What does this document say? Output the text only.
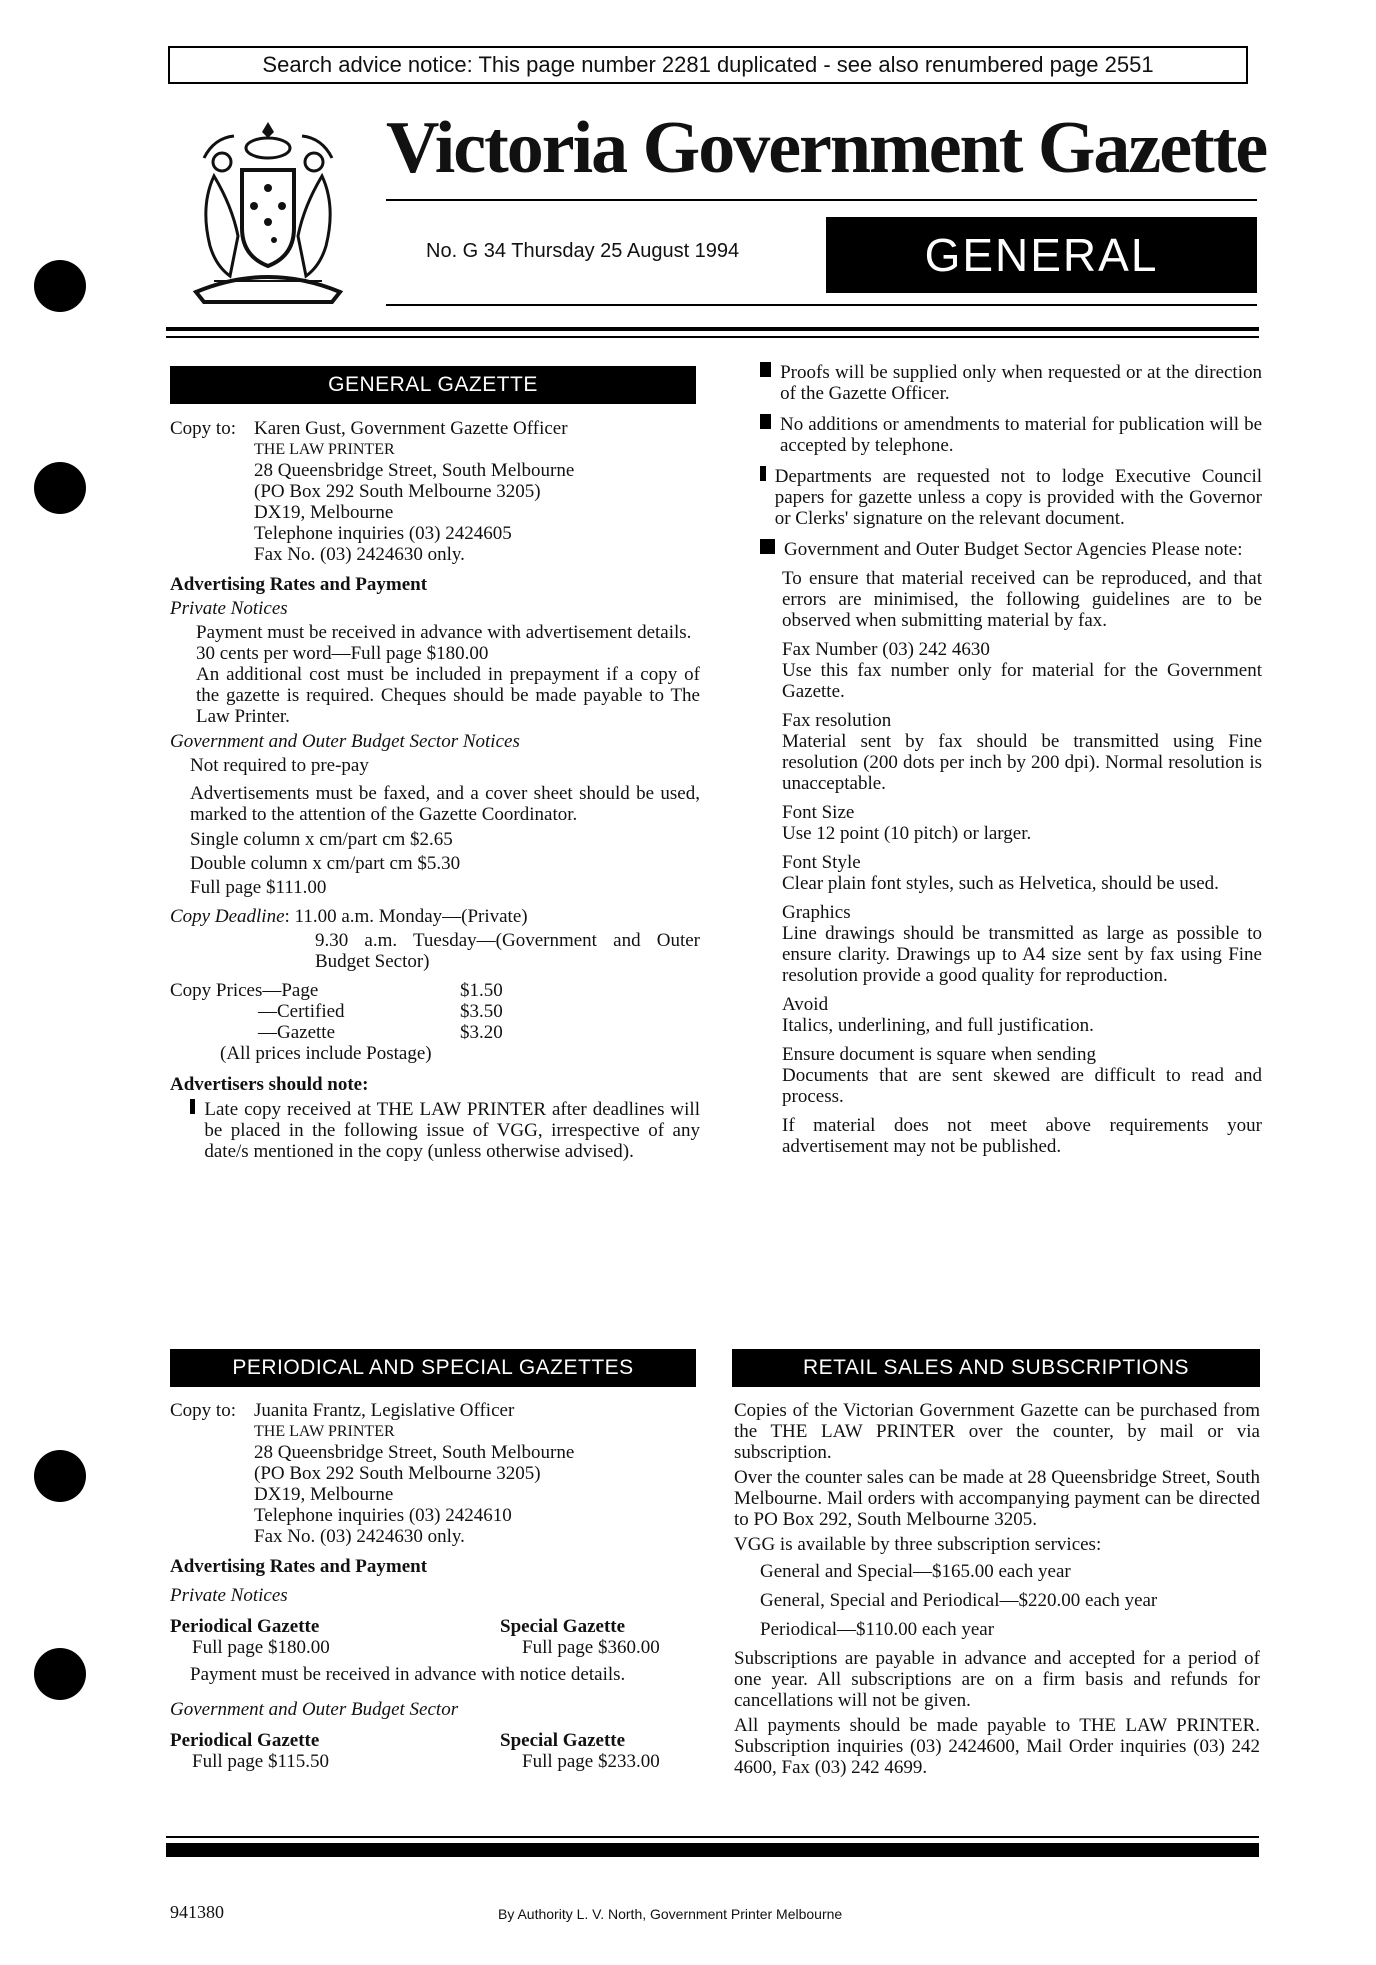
Search advice notice: This page number 2281 duplicated - see also renumbered page 2551
Victoria Government Gazette
No. G 34 Thursday 25 August 1994	GENERAL
GENERAL GAZETTE
Copy to: Karen Gust, Government Gazette Officer

THE LAW PRINTER

28 Queensbridge Street, South Melbourne

(PO Box 292 South Melbourne 3205)

DX19, Melbourne

Telephone inquiries (03) 2424605

Fax No. (03) 2424630 only.

Advertising Rates and Payment

Private Notices

Payment must be received in advance with advertisement details.

30 cents per word—Full page $180.00

An additional cost must be included in prepayment if a copy of the gazette is required. Cheques should be made payable to The Law Printer.

Government and Outer Budget Sector Notices

Not required to pre-pay

Advertisements must be faxed, and a cover sheet should be used, marked to the attention of the Gazette Coordinator.

Single column x cm/part cm $2.65

Double column x cm/part cm $5.30

Full page $111.00

Copy Deadline: 11.00 a.m. Monday—(Private)

9.30 a.m. Tuesday—(Government and Outer Budget Sector)

Copy Prices—Page	$1.50
—Certified	$3.50
—Gazette	$3.20

(All prices include Postage)

Advertisers should note:

Late copy received at THE LAW PRINTER after deadlines will be placed in the following issue of VGG, irrespective of any date/s mentioned in the copy (unless otherwise advised).
Proofs will be supplied only when requested or at the direction of the Gazette Officer.
No additions or amendments to material for publication will be accepted by telephone.
Departments are requested not to lodge Executive Council papers for gazette unless a copy is provided with the Governor or Clerks' signature on the relevant document.
Government and Outer Budget Sector Agencies Please note:

To ensure that material received can be reproduced, and that errors are minimised, the following guidelines are to be observed when submitting material by fax.

Fax Number (03) 242 4630

Use this fax number only for material for the Government Gazette.

Fax resolution

Material sent by fax should be transmitted using Fine resolution (200 dots per inch by 200 dpi). Normal resolution is unacceptable.

Font Size

Use 12 point (10 pitch) or larger.

Font Style

Clear plain font styles, such as Helvetica, should be used.

Graphics

Line drawings should be transmitted as large as possible to ensure clarity. Drawings up to A4 size sent by fax using Fine resolution provide a good quality for reproduction.

Avoid

Italics, underlining, and full justification.

Ensure document is square when sending

Documents that are sent skewed are difficult to read and process.

If material does not meet above requirements your advertisement may not be published.

PERIODICAL AND SPECIAL GAZETTES
Copy to: Juanita Frantz, Legislative Officer

THE LAW PRINTER

28 Queensbridge Street, South Melbourne

(PO Box 292 South Melbourne 3205)

DX19, Melbourne

Telephone inquiries (03) 2424610

Fax No. (03) 2424630 only.

Advertising Rates and Payment

Private Notices

Periodical Gazette

Full page $180.00

Special Gazette

Full page $360.00

Payment must be received in advance with notice details.

Government and Outer Budget Sector

Periodical Gazette

Full page $115.50

Special Gazette

Full page $233.00

RETAIL SALES AND SUBSCRIPTIONS

Copies of the Victorian Government Gazette can be purchased from the THE LAW PRINTER over the counter, by mail or via subscription.

Over the counter sales can be made at 28 Queensbridge Street, South Melbourne. Mail orders with accompanying payment can be directed to PO Box 292, South Melbourne 3205.

VGG is available by three subscription services:

General and Special—$165.00 each year

General, Special and Periodical—$220.00 each year

Periodical—$110.00 each year

Subscriptions are payable in advance and accepted for a period of one year. All subscriptions are on a firm basis and refunds for cancellations will not be given.

All payments should be made payable to THE LAW PRINTER. Subscription inquiries (03) 2424600, Mail Order inquiries (03) 242 4600, Fax (03) 242 4699.

941380	By Authority L. V. North, Government Printer Melbourne
